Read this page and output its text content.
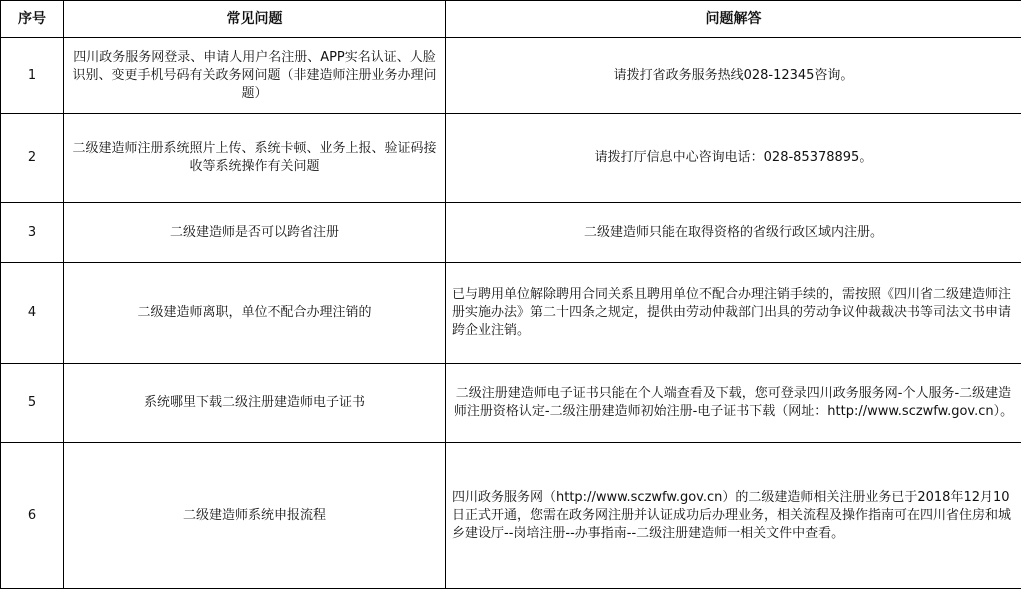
序号	常见问题	问题解答
1	四川政务服务网登录、申请人用户名注册、APP实名认证、人脸识别、变更手机号码有关政务网问题（非建造师注册业务办理问题）	请拨打省政务服务热线028-12345咨询。
2	二级建造师注册系统照片上传、系统卡顿、业务上报、验证码接收等系统操作有关问题	请拨打厅信息中心咨询电话：028-85378895。
3	二级建造师是否可以跨省注册	二级建造师只能在取得资格的省级行政区域内注册。
4	二级建造师离职，单位不配合办理注销的	已与聘用单位解除聘用合同关系且聘用单位不配合办理注销手续的，需按照《四川省二级建造师注册实施办法》第二十四条之规定，提供由劳动仲裁部门出具的劳动争议仲裁裁决书等司法文书申请跨企业注销。
5	系统哪里下载二级注册建造师电子证书	二级注册建造师电子证书只能在个人端查看及下载，您可登录四川政务服务网-个人服务-二级建造师注册资格认定-二级注册建造师初始注册-电子证书下载（网址：http://www.sczwfw.gov.cn）。
6	二级建造师系统申报流程	四川政务服务网（http://www.sczwfw.gov.cn）的二级建造师相关注册业务已于2018年12月10日正式开通，您需在政务网注册并认证成功后办理业务，相关流程及操作指南可在四川省住房和城乡建设厅--岗培注册--办事指南--二级注册建造师一相关文件中查看。
